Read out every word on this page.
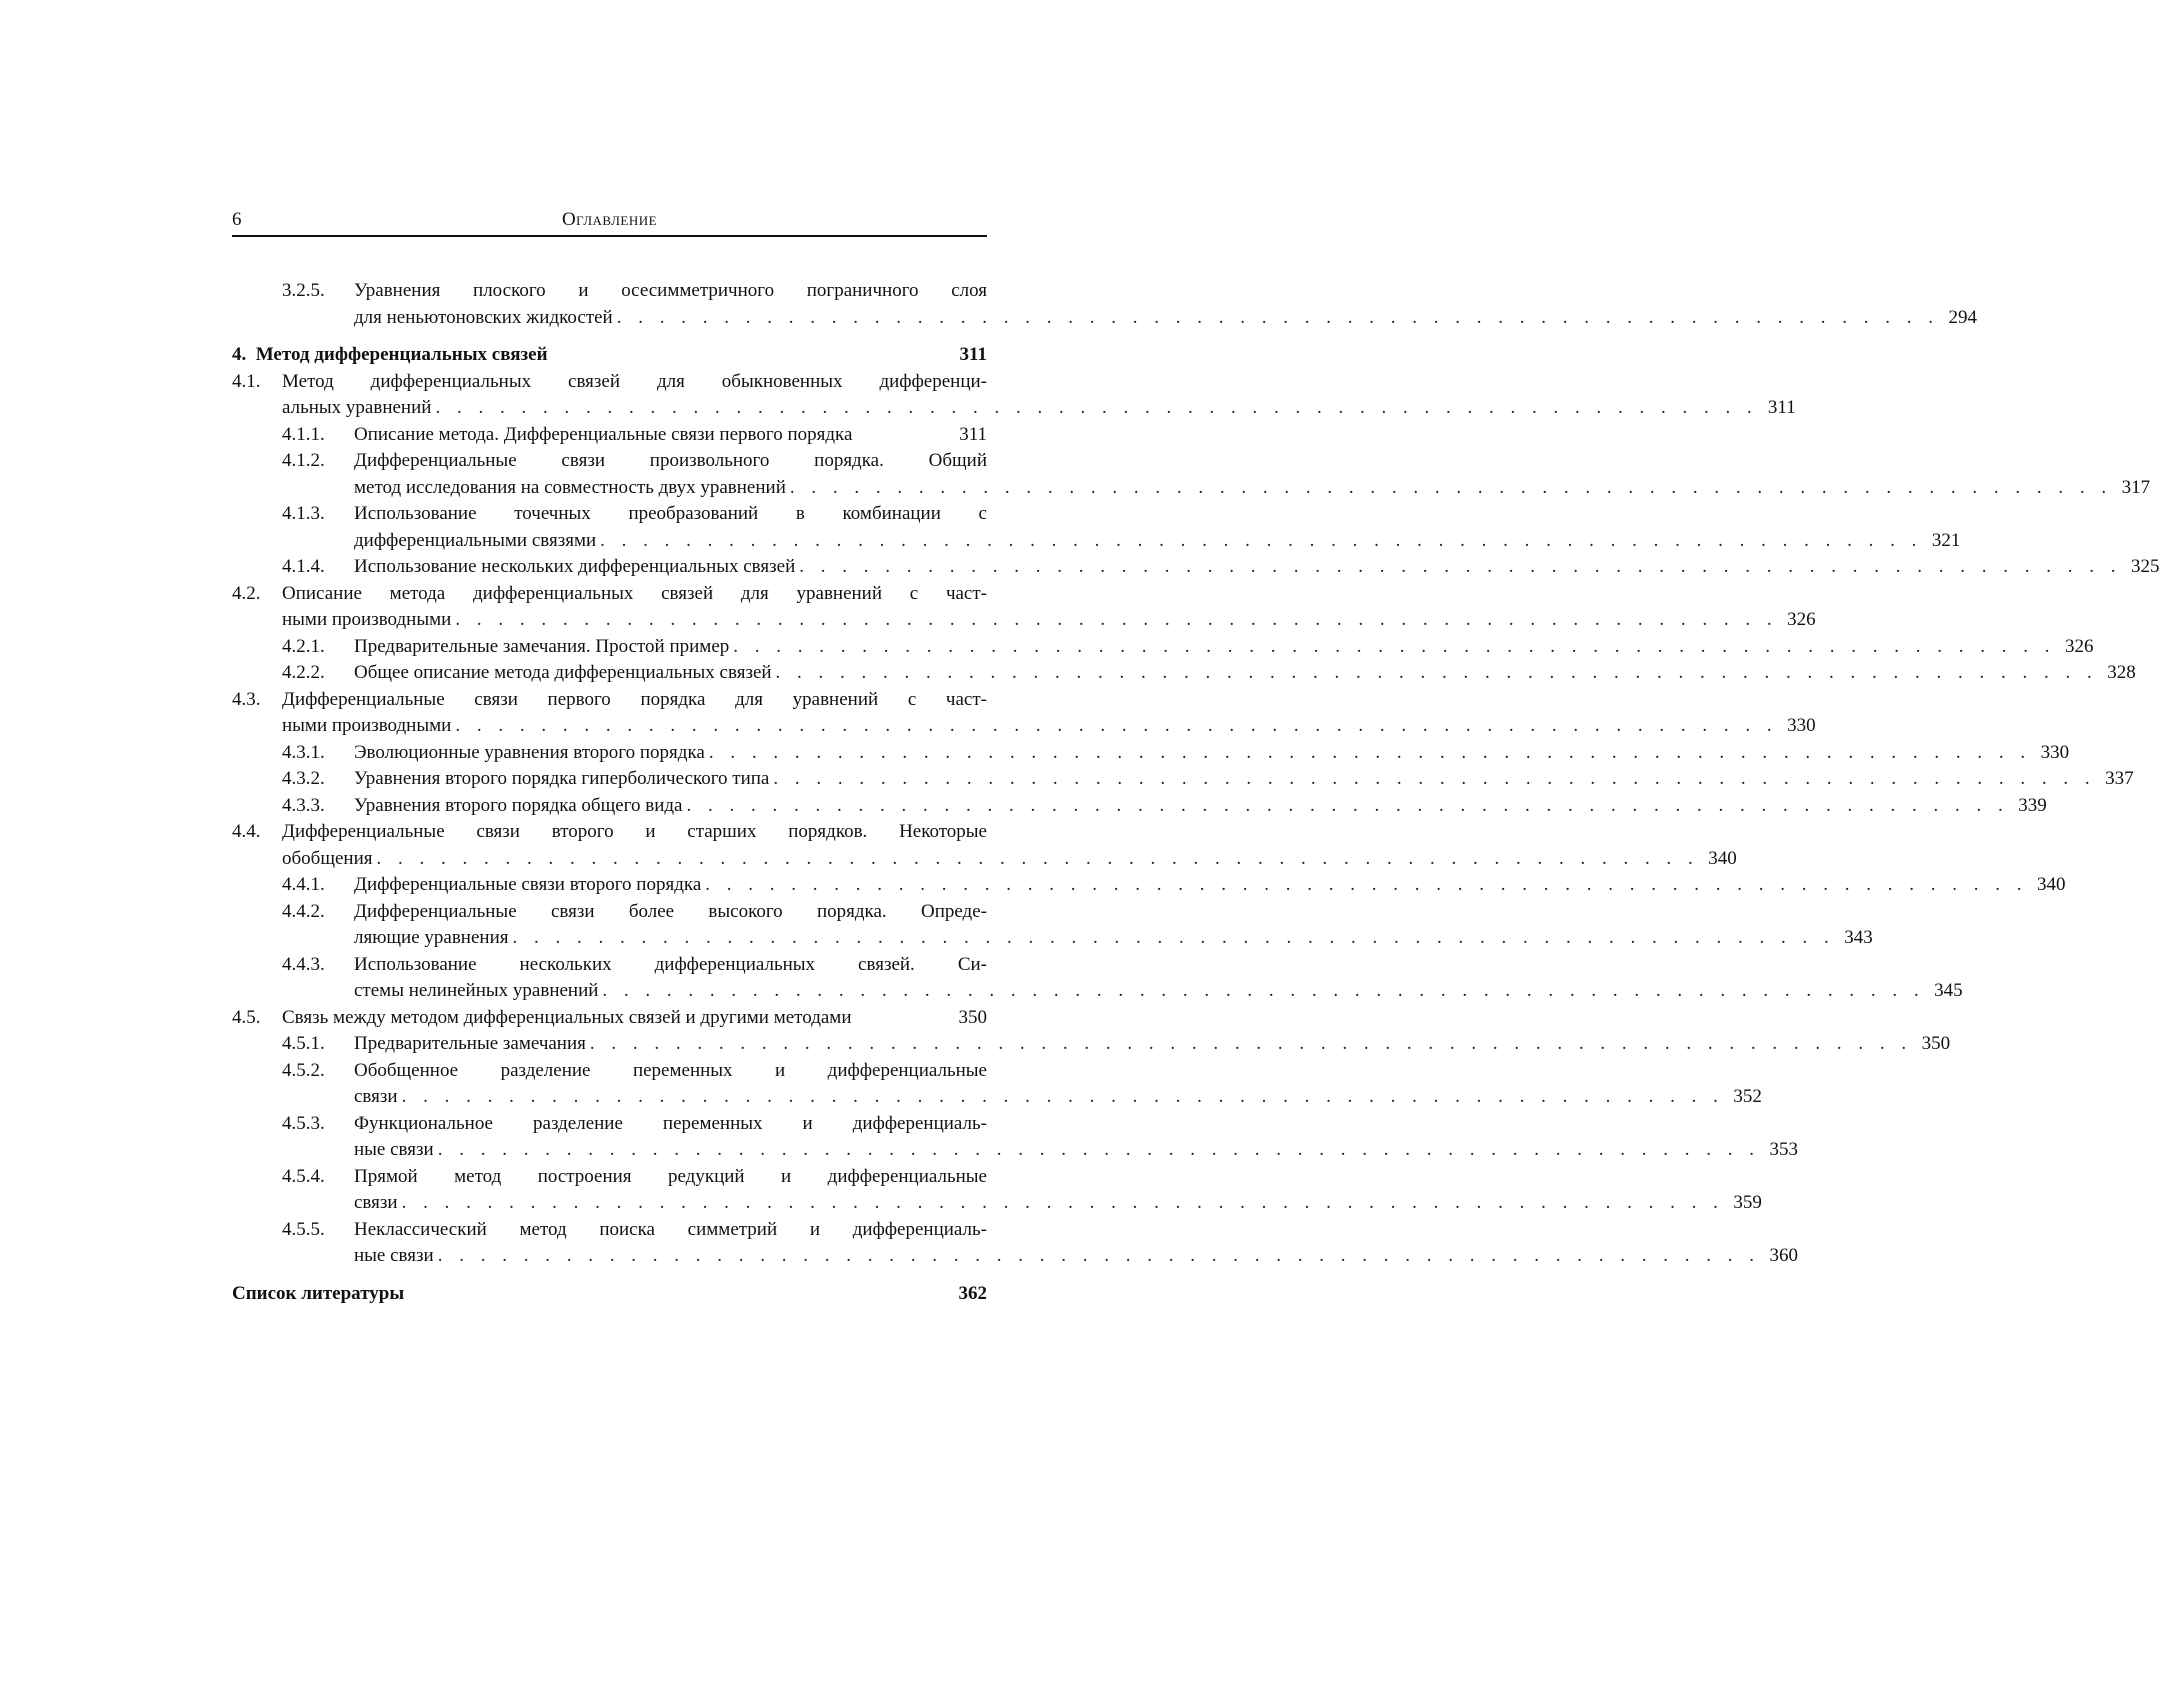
6	Оглавление
3.2.5. Уравнения плоского и осесимметричного пограничного слоя
для неньютоновских жидкостей . . . . . . . . . . . . . . . . . . . . . . . . . . . . . . . . . . . . . . . . . . . . . . . . . . . . . . . . . . . . . . 294
4. Метод дифференциальных связей	311
4.1. Метод дифференциальных связей для обыкновенных дифференци-
альных уравнений . . . . . . . . . . . . . . . . . . . . . . . . . . . . . . . . . . . . . . . . . . . . . . . . . . . . . . . . . . . . . . 311
4.1.1. Описание метода. Дифференциальные связи первого порядка	311
4.1.2. Дифференциальные связи произвольного порядка. Общий
метод исследования на совместность двух уравнений . . . . . . . . . . . . . . . . . . . . . . . . . . . . . . . . . . . . . . . . . . . . . . . . . . . . . . . . . . . . . . 317
4.1.3. Использование точечных преобразований в комбинации с
дифференциальными связями . . . . . . . . . . . . . . . . . . . . . . . . . . . . . . . . . . . . . . . . . . . . . . . . . . . . . . . . . . . . . . 321
4.1.4. Использование нескольких дифференциальных связей . . . . . . . . . . . . . . . . . . . . . . . . . . . . . . . . . . . . . . . . . . . . . . . . . . . . . . . . . . . . . . 325
4.2. Описание метода дифференциальных связей для уравнений с част-
ными производными . . . . . . . . . . . . . . . . . . . . . . . . . . . . . . . . . . . . . . . . . . . . . . . . . . . . . . . . . . . . . . 326
4.2.1. Предварительные замечания. Простой пример . . . . . . . . . . . . . . . . . . . . . . . . . . . . . . . . . . . . . . . . . . . . . . . . . . . . . . . . . . . . . . 326
4.2.2. Общее описание метода дифференциальных связей . . . . . . . . . . . . . . . . . . . . . . . . . . . . . . . . . . . . . . . . . . . . . . . . . . . . . . . . . . . . . . 328
4.3. Дифференциальные связи первого порядка для уравнений с част-
ными производными . . . . . . . . . . . . . . . . . . . . . . . . . . . . . . . . . . . . . . . . . . . . . . . . . . . . . . . . . . . . . . 330
4.3.1. Эволюционные уравнения второго порядка . . . . . . . . . . . . . . . . . . . . . . . . . . . . . . . . . . . . . . . . . . . . . . . . . . . . . . . . . . . . . . 330
4.3.2. Уравнения второго порядка гиперболического типа . . . . . . . . . . . . . . . . . . . . . . . . . . . . . . . . . . . . . . . . . . . . . . . . . . . . . . . . . . . . . . 337
4.3.3. Уравнения второго порядка общего вида . . . . . . . . . . . . . . . . . . . . . . . . . . . . . . . . . . . . . . . . . . . . . . . . . . . . . . . . . . . . . . 339
4.4. Дифференциальные связи второго и старших порядков. Некоторые
обобщения . . . . . . . . . . . . . . . . . . . . . . . . . . . . . . . . . . . . . . . . . . . . . . . . . . . . . . . . . . . . . . 340
4.4.1. Дифференциальные связи второго порядка . . . . . . . . . . . . . . . . . . . . . . . . . . . . . . . . . . . . . . . . . . . . . . . . . . . . . . . . . . . . . . 340
4.4.2. Дифференциальные связи более высокого порядка. Опреде-
ляющие уравнения . . . . . . . . . . . . . . . . . . . . . . . . . . . . . . . . . . . . . . . . . . . . . . . . . . . . . . . . . . . . . . 343
4.4.3. Использование нескольких дифференциальных связей. Си-
стемы нелинейных уравнений . . . . . . . . . . . . . . . . . . . . . . . . . . . . . . . . . . . . . . . . . . . . . . . . . . . . . . . . . . . . . . 345
4.5. Связь между методом дифференциальных связей и другими методами	350
4.5.1. Предварительные замечания . . . . . . . . . . . . . . . . . . . . . . . . . . . . . . . . . . . . . . . . . . . . . . . . . . . . . . . . . . . . . . 350
4.5.2. Обобщенное разделение переменных и дифференциальные
связи . . . . . . . . . . . . . . . . . . . . . . . . . . . . . . . . . . . . . . . . . . . . . . . . . . . . . . . . . . . . . . 352
4.5.3. Функциональное разделение переменных и дифференциаль-
ные связи . . . . . . . . . . . . . . . . . . . . . . . . . . . . . . . . . . . . . . . . . . . . . . . . . . . . . . . . . . . . . . 353
4.5.4. Прямой метод построения редукций и дифференциальные
связи . . . . . . . . . . . . . . . . . . . . . . . . . . . . . . . . . . . . . . . . . . . . . . . . . . . . . . . . . . . . . . 359
4.5.5. Неклассический метод поиска симметрий и дифференциаль-
ные связи . . . . . . . . . . . . . . . . . . . . . . . . . . . . . . . . . . . . . . . . . . . . . . . . . . . . . . . . . . . . . . 360
Список литературы	362
